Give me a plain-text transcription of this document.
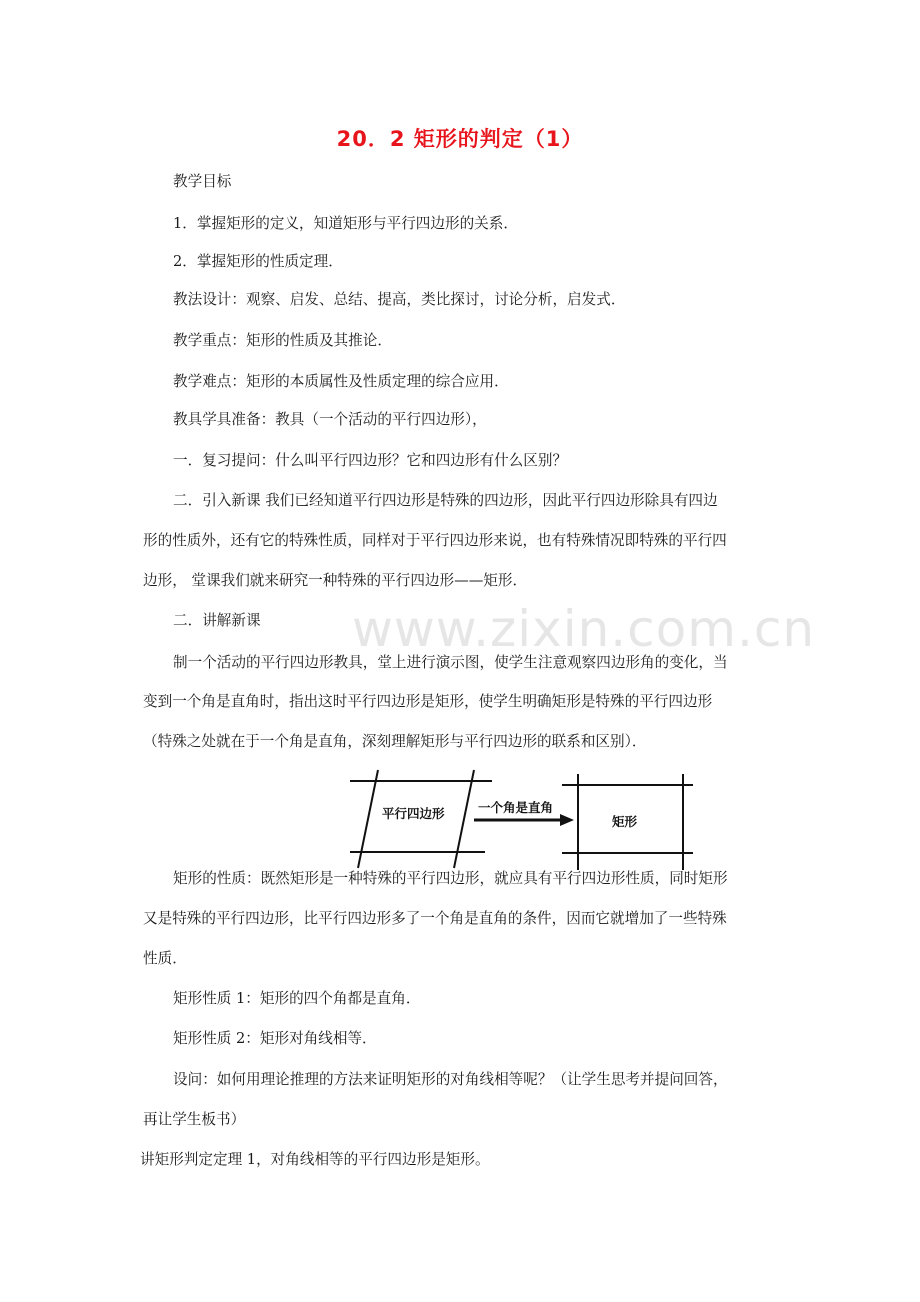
www.zixin.com.cn
20．2 矩形的判定（1）
教学目标
1．掌握矩形的定义，知道矩形与平行四边形的关系．
2．掌握矩形的性质定理．
教法设计：观察、启发、总结、提高，类比探讨，讨论分析，启发式．
教学重点：矩形的性质及其推论．
教学难点：矩形的本质属性及性质定理的综合应用．
教具学具准备：教具（一个活动的平行四边形），
一．复习提问：什么叫平行四边形？它和四边形有什么区别？
二．引入新课 我们已经知道平行四边形是特殊的四边形，因此平行四边形除具有四边
形的性质外，还有它的特殊性质，同样对于平行四边形来说，也有特殊情况即特殊的平行四
边形， 堂课我们就来研究一种特殊的平行四边形——矩形．
二．讲解新课
制一个活动的平行四边形教具，堂上进行演示图，使学生注意观察四边形角的变化，当
变到一个角是直角时，指出这时平行四边形是矩形，使学生明确矩形是特殊的平行四边形
（特殊之处就在于一个角是直角，深刻理解矩形与平行四边形的联系和区别）．
平行四边形	一个角是直角
矩形
矩形的性质：既然矩形是一种特殊的平行四边形，就应具有平行四边形性质，同时矩形
又是特殊的平行四边形，比平行四边形多了一个角是直角的条件，因而它就增加了一些特殊
性质．
矩形性质 1：矩形的四个角都是直角．
矩形性质 2：矩形对角线相等．
设问：如何用理论推理的方法来证明矩形的对角线相等呢？（让学生思考并提问回答，
再让学生板书）
讲矩形判定定理 1，对角线相等的平行四边形是矩形。
